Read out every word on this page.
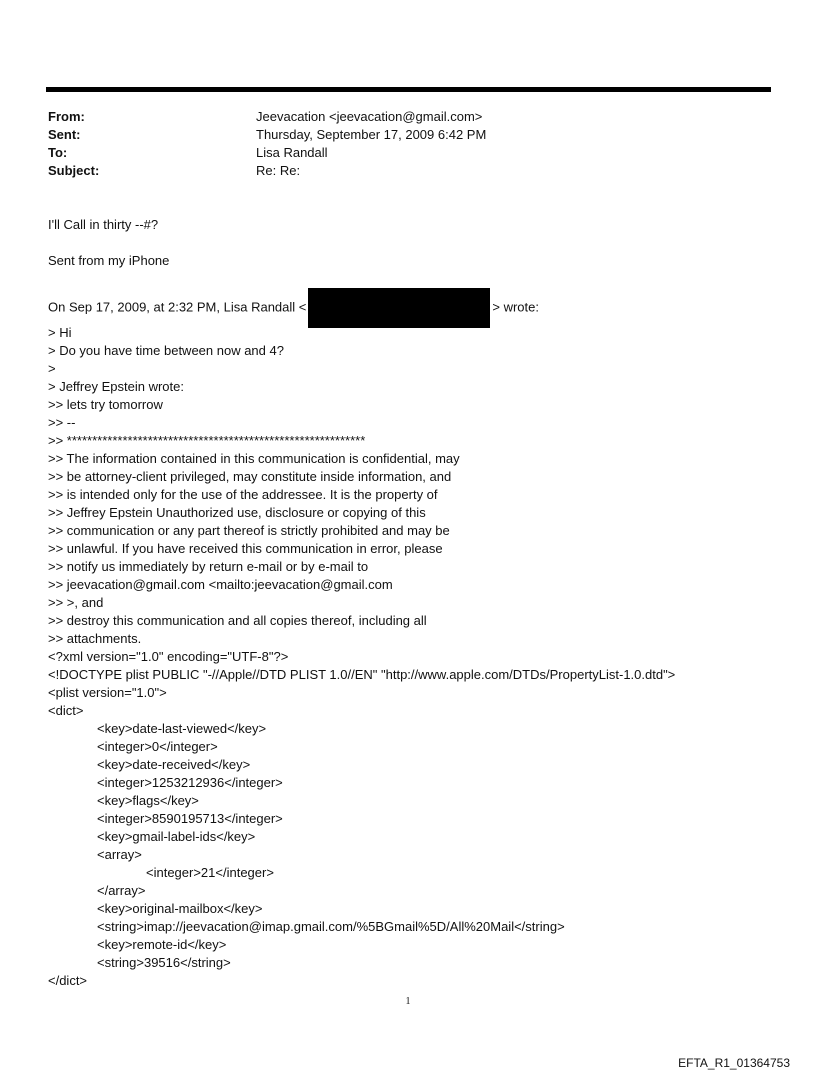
From:	Jeevacation <jeevacation@gmail.com>
Sent:	Thursday, September 17, 2009 6:42 PM
To:	Lisa Randall
Subject:	Re: Re:
I'll Call in thirty --#?
Sent from my iPhone
On Sep 17, 2009, at 2:32 PM, Lisa Randall <	> wrote:
> Hi
> Do you have time between now and 4?
>
> Jeffrey Epstein wrote:
>> lets try tomorrow
>> --
>> ***********************************************************
>> The information contained in this communication is confidential, may
>> be attorney-client privileged, may constitute inside information, and
>> is intended only for the use of the addressee. It is the property of
>> Jeffrey Epstein Unauthorized use, disclosure or copying of this
>> communication or any part thereof is strictly prohibited and may be
>> unlawful. If you have received this communication in error, please
>> notify us immediately by return e-mail or by e-mail to
>> jeevacation@gmail.com <mailto:jeevacation@gmail.com
>> >, and
>> destroy this communication and all copies thereof, including all
>> attachments.
<?xml version="1.0" encoding="UTF-8"?>
<!DOCTYPE plist PUBLIC "-//Apple//DTD PLIST 1.0//EN" "http://www.apple.com/DTDs/PropertyList-1.0.dtd">
<plist version="1.0">
<dict>
<key>date-last-viewed</key>
<integer>0</integer>
<key>date-received</key>
<integer>1253212936</integer>
<key>flags</key>
<integer>8590195713</integer>
<key>gmail-label-ids</key>
<array>
<integer>21</integer>
</array>
<key>original-mailbox</key>
<string>imap://jeevacation@imap.gmail.com/%5BGmail%5D/All%20Mail</string>
<key>remote-id</key>
<string>39516</string>
</dict>
1
EFTA_R1_01364753
